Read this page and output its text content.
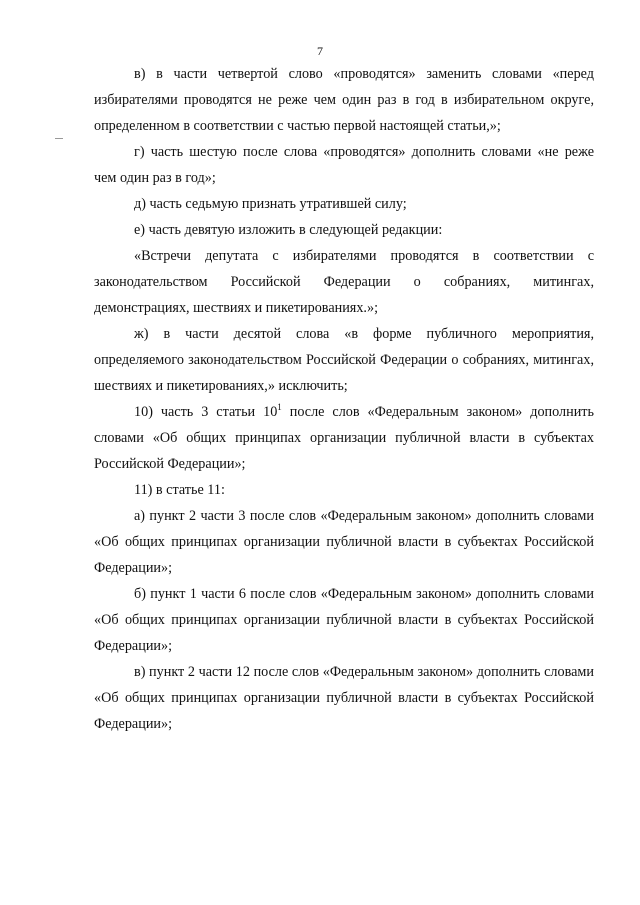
7

в) в части четвертой слово «проводятся» заменить словами «перед избирателями проводятся не реже чем один раз в год в избирательном округе, определенном в соответствии с частью первой настоящей статьи,»;

г) часть шестую после слова «проводятся» дополнить словами «не реже чем один раз в год»;

д) часть седьмую признать утратившей силу;

е) часть девятую изложить в следующей редакции:

«Встречи депутата с избирателями проводятся в соответствии с законодательством Российской Федерации о собраниях, митингах, демонстрациях, шествиях и пикетированиях.»;

ж) в части десятой слова «в форме публичного мероприятия, определяемого законодательством Российской Федерации о собраниях, митингах, шествиях и пикетированиях,» исключить;

10) часть 3 статьи $10^1$ после слов «Федеральным законом» дополнить словами «Об общих принципах организации публичной власти в субъектах Российской Федерации»;

11) в статье 11:

а) пункт 2 части 3 после слов «Федеральным законом» дополнить словами «Об общих принципах организации публичной власти в субъектах Российской Федерации»;

б) пункт 1 части 6 после слов «Федеральным законом» дополнить словами «Об общих принципах организации публичной власти в субъектах Российской Федерации»;

в) пункт 2 части 12 после слов «Федеральным законом» дополнить словами «Об общих принципах организации публичной власти в субъектах Российской Федерации»;
